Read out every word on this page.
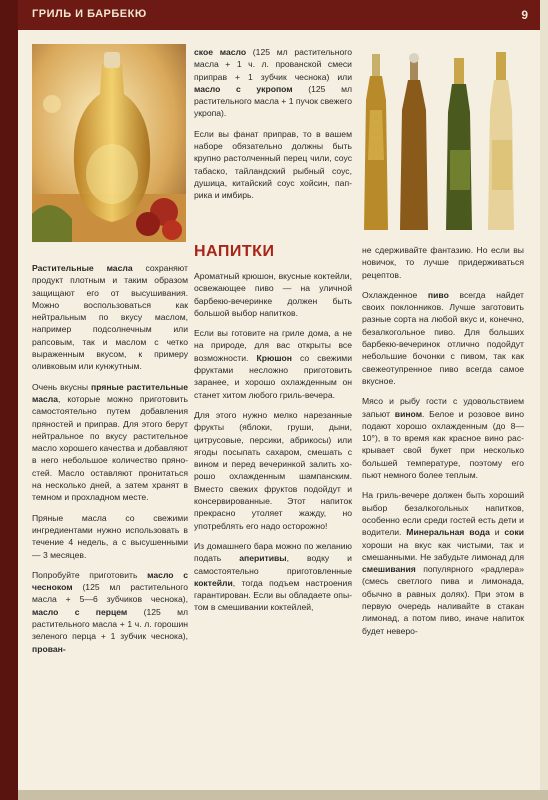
ГРИЛЬ И БАРБЕКЮ	9

Растительные масла сохраняют продукт плотным и таким образом защищают его от высушивания. Можно воспользоваться как нейтральным по вкусу маслом, например подсолнечным или рапсовым, так и маслом с четко выраженным вкусом, к примеру оливковым или кунжутным.

Очень вкусны пряные растительные масла, которые можно приготовить самостоятельно путем добавления пряностей и приправ. Для этого берут нейтральное по вкусу растительное масло хорошего качества и добавляют в него небольшое количество пряностей. Масло оставляют пронитаться на несколько дней, а затем хранят в темном и прохладном месте.

Пряные масла со свежими ингредиентами нужно использовать в течение 4 недель, а с высушенными — 3 месяцев.

Попробуйте приготовить масло с чесноком (125 мл растительного масла + 5—6 зубчиков чеснока), масло с перцем (125 мл растительного масла + 1 ч. л. горошин зеленого перца + 1 зубчик чеснока), прован-

ское масло (125 мл растительного масла + 1 ч. л. прованской смеси приправ + 1 зубчик чеснока) или масло с укропом (125 мл растительного масла + 1 пучок свежего укропа).

Если вы фанат приправ, то в вашем наборе обязательно должны быть крупно растолченный перец чили, соус табаско, тайландский рыбный соус, душица, китайский соус хойсин, паприка и имбирь.

НАПИТКИ

Ароматный крюшон, вкусные коктейли, освежающее пиво — на уличной барбекю-вечеринке должен быть большой выбор напитков.

Если вы готовите на гриле дома, а не на природе, для вас открыты все возможности. Крюшон со свежими фруктами несложно приготовить заранее, и хорошо охлажденным он станет хитом любого гриль-вечера.

Для этого нужно мелко нарезанные фрукты (яблоки, груши, дыни, цитрусовые, персики, абрикосы) или ягоды посыпать сахаром, смешать с вином и перед вечеринкой залить хорошо охлажденным шампанским. Вместо свежих фруктов подойдут и консервированные. Этот напиток прекрасно утоляет жажду, но употреблять его надо осторожно!

Из домашнего бара можно по желанию подать аперитивы, водку и самостоятельно приготовленные коктейли, тогда подъем настроения гарантирован. Если вы обладаете опытом в смешивании коктейлей,

не сдерживайте фантазию. Но если вы новичок, то лучше придерживаться рецептов.

Охлажденное пиво всегда найдет своих поклонников. Лучше заготовить разные сорта на любой вкус и, конечно, безалкогольное пиво. Для больших барбекю-вечеринок отлично подойдут небольшие бочонки с пивом, так как свежеотупренное пиво всегда самое вкусное.

Мясо и рыбу гости с удовольствием запьют вином. Белое и розовое вино подают хорошо охлажденным (до 8—10°), в то время как красное вино раскрывает свой букет при несколько большей температуре, поэтому его пьют немного более теплым.

На гриль-вечере должен быть хороший выбор безалкогольных напитков, особенно если среди гостей есть дети и водители. Минеральная вода и соки хороши на вкус как чистыми, так и смешанными. Не забудьте лимонад для смешивания популярного «радлера» (смесь светлого пива и лимонада, обычно в равных долях). При этом в первую очередь наливайте в стакан лимонад, а потом пиво, иначе напиток будет неверо-
